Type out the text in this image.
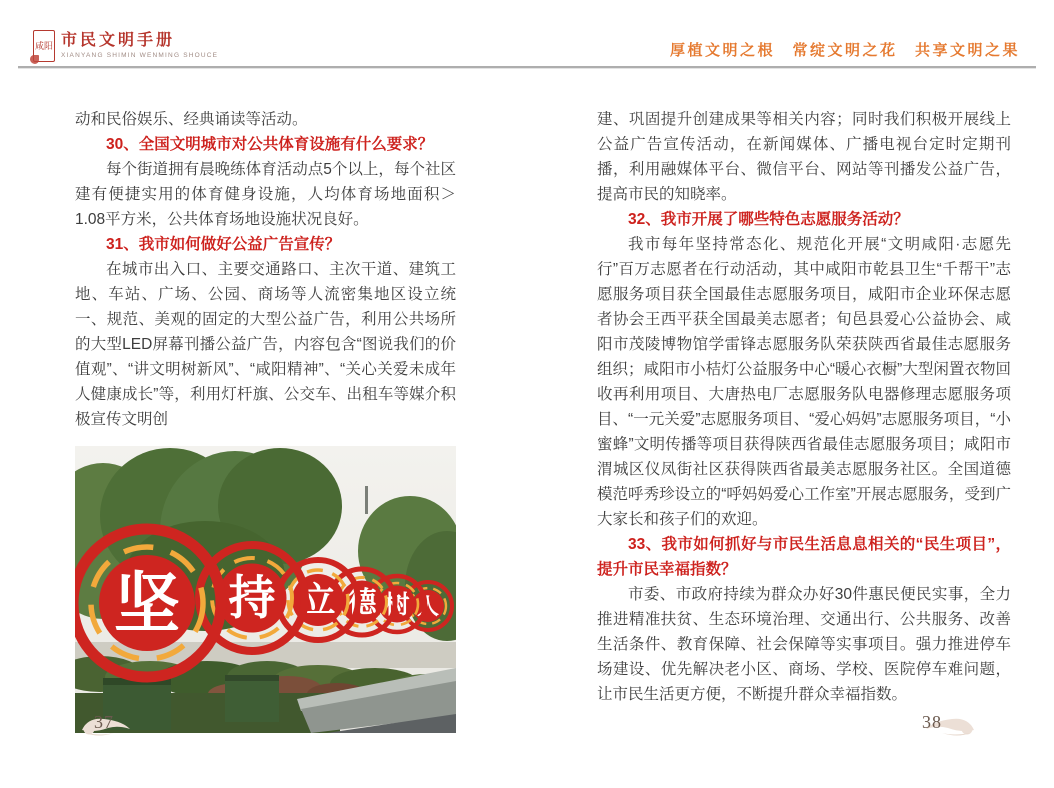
咸阳 市民文明手册
XIANYANG SHIMIN WENMING SHOUCE	厚植文明之根　常绽文明之花　共享文明之果

动和民俗娱乐、经典诵读等活动。

30、全国文明城市对公共体育设施有什么要求？

每个街道拥有晨晚练体育活动点5个以上，每个社区建有便捷实用的体育健身设施，人均体育场地面积＞1.08平方米，公共体育场地设施状况良好。

31、我市如何做好公益广告宣传？

在城市出入口、主要交通路口、主次干道、建筑工地、车站、广场、公园、商场等人流密集地区设立统一、规范、美观的固定的大型公益广告，利用公共场所的大型LED屏幕刊播公益广告，内容包含“图说我们的价值观”、“讲文明树新风”、“咸阳精神”、“关心关爱未成年人健康成长”等，利用灯杆旗、公交车、出租车等媒介积极宣传文明创

人
树
德
立
持
坚

建、巩固提升创建成果等相关内容；同时我们积极开展线上公益广告宣传活动，在新闻媒体、广播电视台定时定期刊播，利用融媒体平台、微信平台、网站等刊播发公益广告，提高市民的知晓率。

32、我市开展了哪些特色志愿服务活动？

我市每年坚持常态化、规范化开展“文明咸阳·志愿先行”百万志愿者在行动活动，其中咸阳市乾县卫生“千帮干”志愿服务项目获全国最佳志愿服务项目，咸阳市企业环保志愿者协会王西平获全国最美志愿者；旬邑县爱心公益协会、咸阳市茂陵博物馆学雷锋志愿服务队荣获陕西省最佳志愿服务组织；咸阳市小桔灯公益服务中心“暖心衣橱”大型闲置衣物回收再利用项目、大唐热电厂志愿服务队电器修理志愿服务项目、“一元关爱”志愿服务项目、“爱心妈妈”志愿服务项目，“小蜜蜂”文明传播等项目获得陕西省最佳志愿服务项目；咸阳市渭城区仪凤街社区获得陕西省最美志愿服务社区。全国道德模范呼秀珍设立的“呼妈妈爱心工作室”开展志愿服务，受到广大家长和孩子们的欢迎。

33、我市如何抓好与市民生活息息相关的“民生项目”，提升市民幸福指数？

市委、市政府持续为群众办好30件惠民便民实事，全力推进精准扶贫、生态环境治理、交通出行、公共服务、改善生活条件、教育保障、社会保障等实事项目。强力推进停车场建设、优先解决老小区、商场、学校、医院停车难问题，让市民生活更方便，不断提升群众幸福指数。

37	38
